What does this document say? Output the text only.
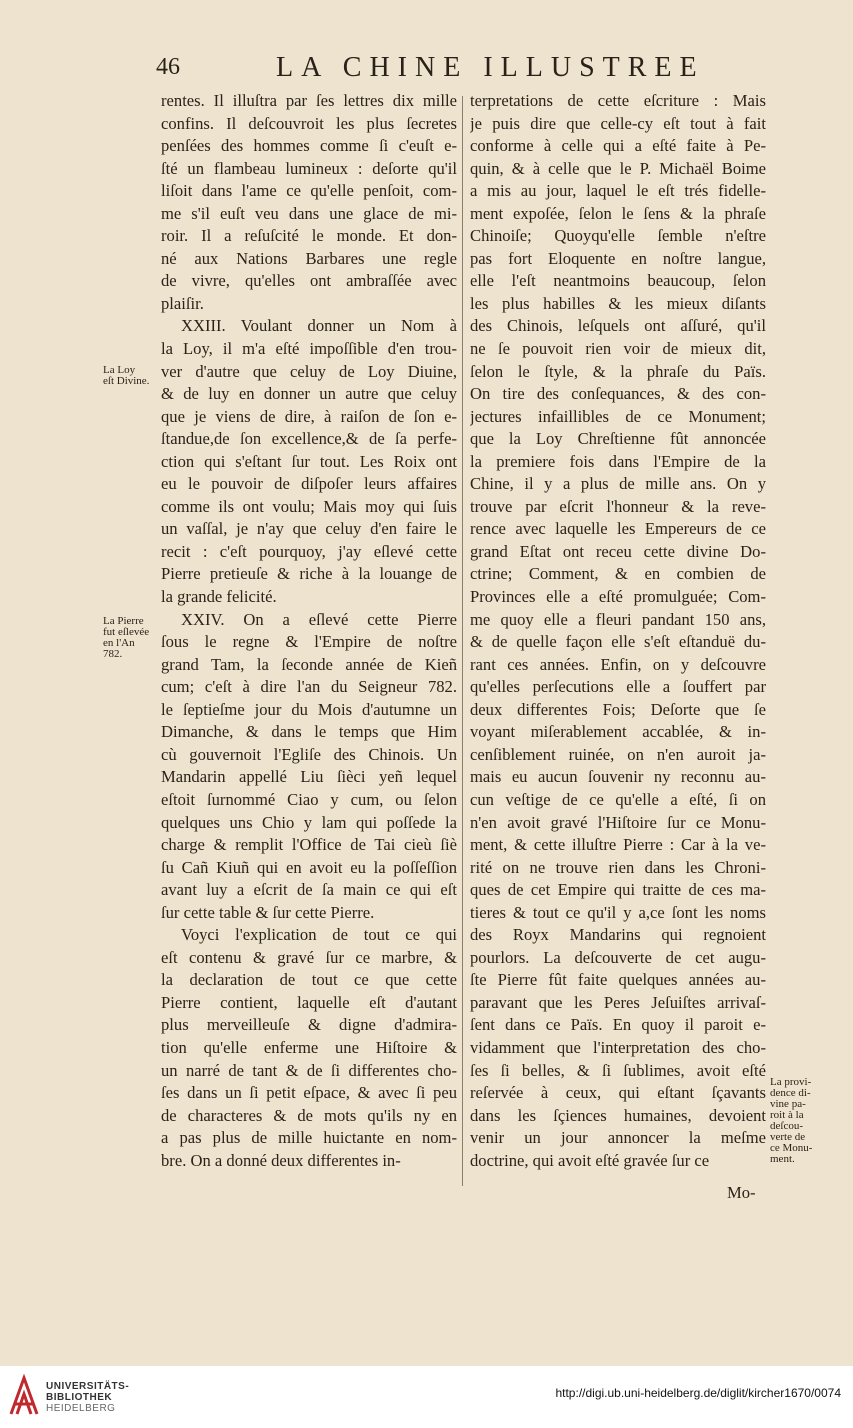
46	LA CHINE ILLUSTREE
La Loy
eſt Divine.
La Pierre
fut eſlevée
en l'An
782.
La provi-
dence di-
vine pa-
roit à la
deſcou-
verte de
ce Monu-
ment.
rentes. Il illuſtra par ſes lettres dix mille
confins. Il deſcouvroit les plus ſecretes
penſées des hommes comme ſi c'euſt e-
ſté un flambeau lumineux : deſorte qu'il
liſoit dans l'ame ce qu'elle penſoit, com-
me s'il euſt veu dans une glace de mi-
roir. Il a reſuſcité le monde. Et don-
né aux Nations Barbares une regle
de vivre, qu'elles ont ambraſſée avec
plaiſir.
XXIII. Voulant donner un Nom à
la Loy, il m'a eſté impoſſible d'en trou-
ver d'autre que celuy de Loy Diuine,
& de luy en donner un autre que celuy
que je viens de dire, à raiſon de ſon e-
ſtandue,de ſon excellence,& de ſa perfe-
ction qui s'eſtant ſur tout. Les Roix ont
eu le pouvoir de diſpoſer leurs affaires
comme ils ont voulu; Mais moy qui ſuis
un vaſſal, je n'ay que celuy d'en faire le
recit : c'eſt pourquoy, j'ay eſlevé cette
Pierre pretieuſe & riche à la louange de
la grande felicité.
XXIV. On a eſlevé cette Pierre
ſous le regne & l'Empire de noſtre
grand Tam, la ſeconde année de Kieñ
cum; c'eſt à dire l'an du Seigneur 782.
le ſeptieſme jour du Mois d'autumne un
Dimanche, & dans le temps que Him
cù gouvernoit l'Egliſe des Chinois. Un
Mandarin appellé Liu ſièci yeñ lequel
eſtoit ſurnommé Ciao y cum, ou ſelon
quelques uns Chio y lam qui poſſede la
charge & remplit l'Office de Tai cieù ſiè
ſu Cañ Kiuñ qui en avoit eu la poſſeſſion
avant luy a eſcrit de ſa main ce qui eſt
ſur cette table & ſur cette Pierre.
Voyci l'explication de tout ce qui
eſt contenu & gravé ſur ce marbre, &
la declaration de tout ce que cette
Pierre contient, laquelle eſt d'autant
plus merveilleuſe & digne d'admira-
tion qu'elle enferme une Hiſtoire &
un narré de tant & de ſi differentes cho-
ſes dans un ſi petit eſpace, & avec ſi peu
de characteres & de mots qu'ils ny en
a pas plus de mille huictante en nom-
bre. On a donné deux differentes in-
terpretations de cette eſcriture : Mais
je puis dire que celle-cy eſt tout à fait
conforme à celle qui a eſté faite à Pe-
quin, & à celle que le P. Michaël Boime
a mis au jour, laquel le eſt trés fidelle-
ment expoſée, ſelon le ſens & la phraſe
Chinoiſe; Quoyqu'elle ſemble n'eſtre
pas fort Eloquente en noſtre langue,
elle l'eſt neantmoins beaucoup, ſelon
les plus habilles & les mieux diſants
des Chinois, leſquels ont aſſuré, qu'il
ne ſe pouvoit rien voir de mieux dit,
ſelon le ſtyle, & la phraſe du Païs.
On tire des conſequances, & des con-
jectures infaillibles de ce Monument;
que la Loy Chreſtienne fût annoncée
la premiere fois dans l'Empire de la
Chine, il y a plus de mille ans. On y
trouve par eſcrit l'honneur & la reve-
rence avec laquelle les Empereurs de ce
grand Eſtat ont receu cette divine Do-
ctrine; Comment, & en combien de
Provinces elle a eſté promulguée; Com-
me quoy elle a fleuri pandant 150 ans,
& de quelle façon elle s'eſt eſtanduë du-
rant ces années. Enfin, on y deſcouvre
qu'elles perſecutions elle a ſouffert par
deux differentes Fois; Deſorte que ſe
voyant miſerablement accablée, & in-
cenſiblement ruinée, on n'en auroit ja-
mais eu aucun ſouvenir ny reconnu au-
cun veſtige de ce qu'elle a eſté, ſi on
n'en avoit gravé l'Hiſtoire ſur ce Monu-
ment, & cette illuſtre Pierre : Car à la ve-
rité on ne trouve rien dans les Chroni-
ques de cet Empire qui traitte de ces ma-
tieres & tout ce qu'il y a,ce ſont les noms
des Royx Mandarins qui regnoient
pourlors. La deſcouverte de cet augu-
ſte Pierre fût faite quelques années au-
paravant que les Peres Jeſuiſtes arrivaſ-
ſent dans ce Païs. En quoy il paroit e-
vidamment que l'interpretation des cho-
ſes ſi belles, & ſi ſublimes, avoit eſté
reſervée à ceux, qui eſtant ſçavants
dans les ſçiences humaines, devoient
venir un jour annoncer la meſme
doctrine, qui avoit eſté gravée ſur ce
Mo-
UNIVERSITÄTS-
BIBLIOTHEK
HEIDELBERG
http://digi.ub.uni-heidelberg.de/diglit/kircher1670/0074
